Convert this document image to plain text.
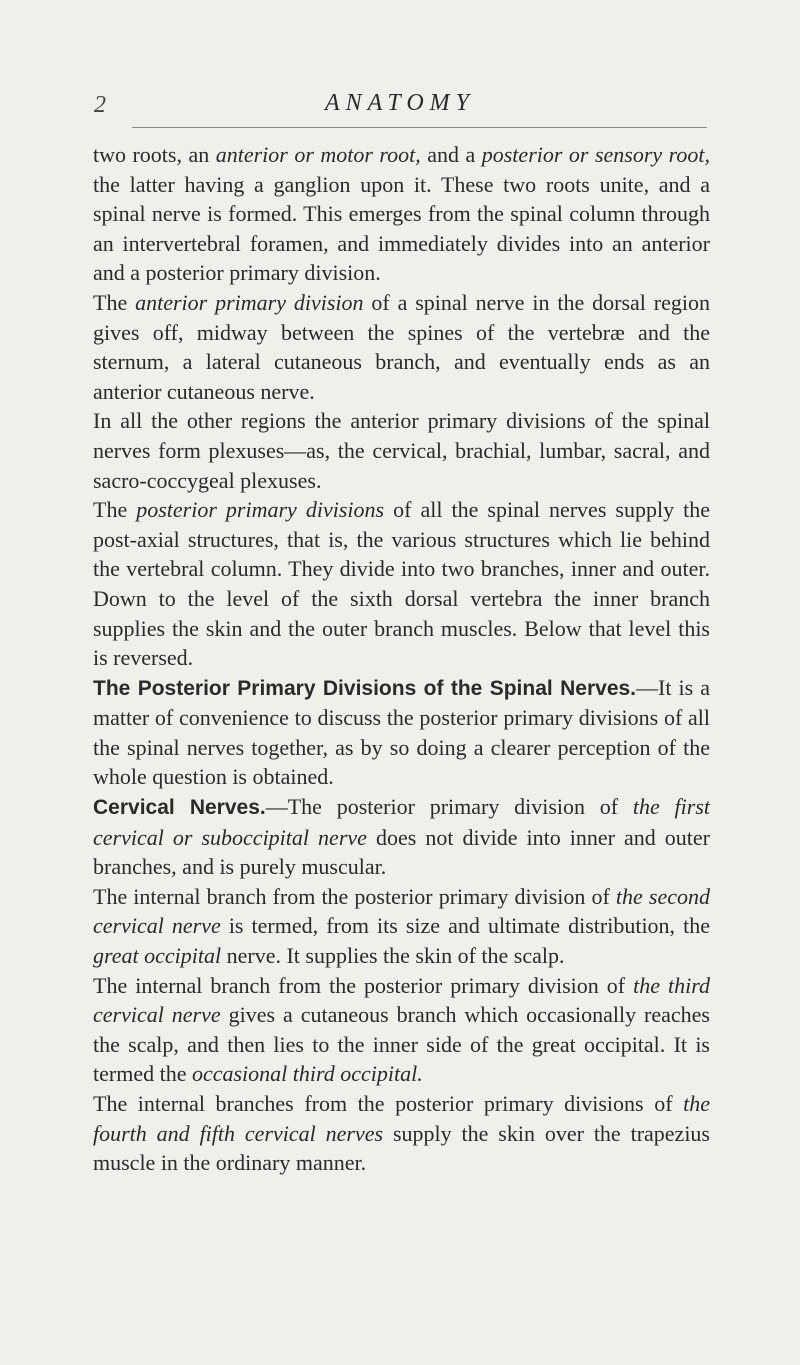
2	ANATOMY

two roots, an anterior or motor root, and a posterior or sensory root, the latter having a ganglion upon it. These two roots unite, and a spinal nerve is formed. This emerges from the spinal column through an intervertebral foramen, and immediately divides into an anterior and a posterior primary division.

The anterior primary division of a spinal nerve in the dorsal region gives off, midway between the spines of the vertebræ and the sternum, a lateral cutaneous branch, and eventually ends as an anterior cutaneous nerve.

In all the other regions the anterior primary divisions of the spinal nerves form plexuses—as, the cervical, brachial, lumbar, sacral, and sacro-coccygeal plexuses.

The posterior primary divisions of all the spinal nerves supply the post-axial structures, that is, the various structures which lie behind the vertebral column. They divide into two branches, inner and outer. Down to the level of the sixth dorsal vertebra the inner branch supplies the skin and the outer branch muscles. Below that level this is reversed.

The Posterior Primary Divisions of the Spinal Nerves.—It is a matter of convenience to discuss the posterior primary divisions of all the spinal nerves together, as by so doing a clearer perception of the whole question is obtained.

Cervical Nerves.—The posterior primary division of the first cervical or suboccipital nerve does not divide into inner and outer branches, and is purely muscular.

The internal branch from the posterior primary division of the second cervical nerve is termed, from its size and ultimate distribution, the great occipital nerve. It supplies the skin of the scalp.

The internal branch from the posterior primary division of the third cervical nerve gives a cutaneous branch which occasionally reaches the scalp, and then lies to the inner side of the great occipital. It is termed the occasional third occipital.

The internal branches from the posterior primary divisions of the fourth and fifth cervical nerves supply the skin over the trapezius muscle in the ordinary manner.
